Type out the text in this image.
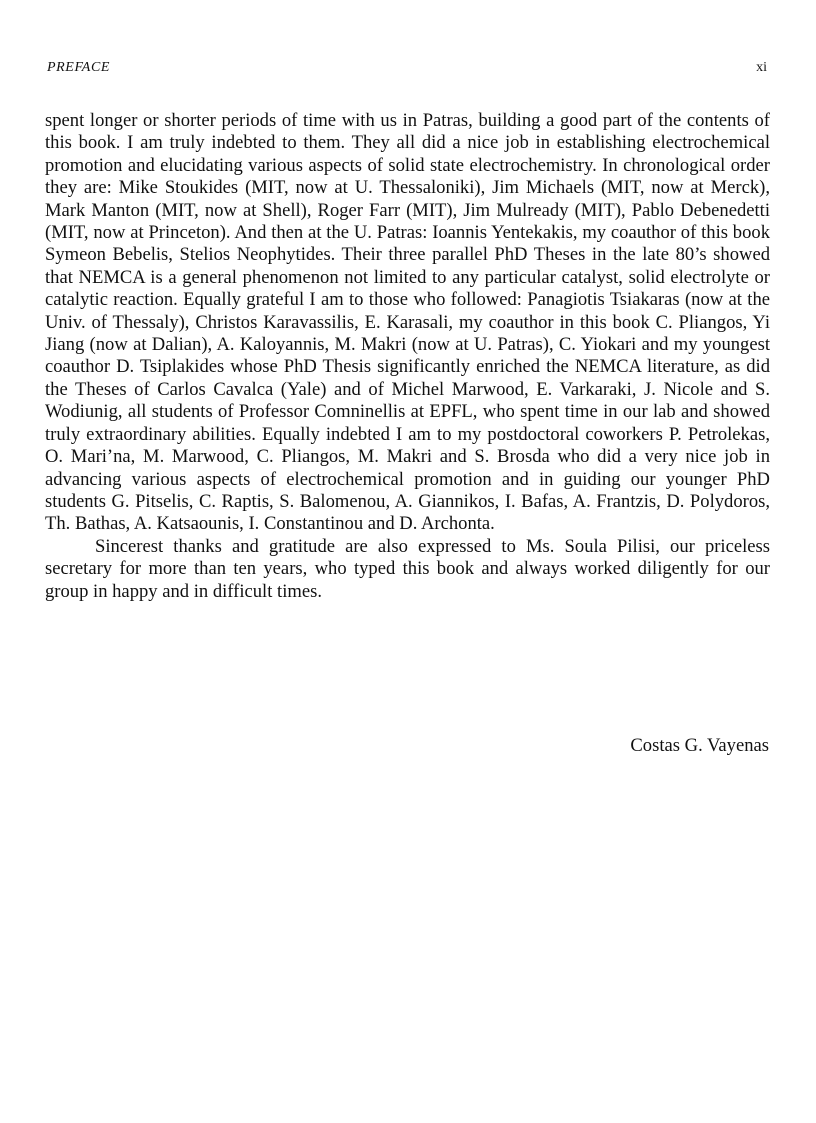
PREFACE	xi

spent longer or shorter periods of time with us in Patras, building a good part of the contents of this book. I am truly indebted to them. They all did a nice job in establishing electrochemical promotion and elucidating various aspects of solid state electrochemistry. In chronological order they are: Mike Stoukides (MIT, now at U. Thessaloniki), Jim Michaels (MIT, now at Merck), Mark Manton (MIT, now at Shell), Roger Farr (MIT), Jim Mulready (MIT), Pablo Debenedetti (MIT, now at Princeton). And then at the U. Patras: Ioannis Yentekakis, my coauthor of this book Symeon Bebelis, Stelios Neophytides. Their three parallel PhD Theses in the late 80’s showed that NEMCA is a general phenomenon not limited to any particular catalyst, solid electrolyte or catalytic reaction. Equally grateful I am to those who followed: Panagiotis Tsiakaras (now at the Univ. of Thessaly), Christos Karavassilis, E. Karasali, my coauthor in this book C. Pliangos, Yi Jiang (now at Dalian), A. Kaloyannis, M. Makri (now at U. Patras), C. Yiokari and my youngest coauthor D. Tsiplakides whose PhD Thesis significantly enriched the NEMCA literature, as did the Theses of Carlos Cavalca (Yale) and of Michel Marwood, E. Varkaraki, J. Nicole and S. Wodiunig, all students of Professor Comninellis at EPFL, who spent time in our lab and showed truly extraordinary abilities. Equally indebted I am to my postdoctoral coworkers P. Petrolekas, O. Mari’na, M. Marwood, C. Pliangos, M. Makri and S. Brosda who did a very nice job in advancing various aspects of electrochemical promotion and in guiding our younger PhD students G. Pitselis, C. Raptis, S. Balomenou, A. Giannikos, I. Bafas, A. Frantzis, D. Polydoros, Th. Bathas, A. Katsaounis, I. Constantinou and D. Archonta.

Sincerest thanks and gratitude are also expressed to Ms. Soula Pilisi, our priceless secretary for more than ten years, who typed this book and always worked diligently for our group in happy and in difficult times.

Costas G. Vayenas
